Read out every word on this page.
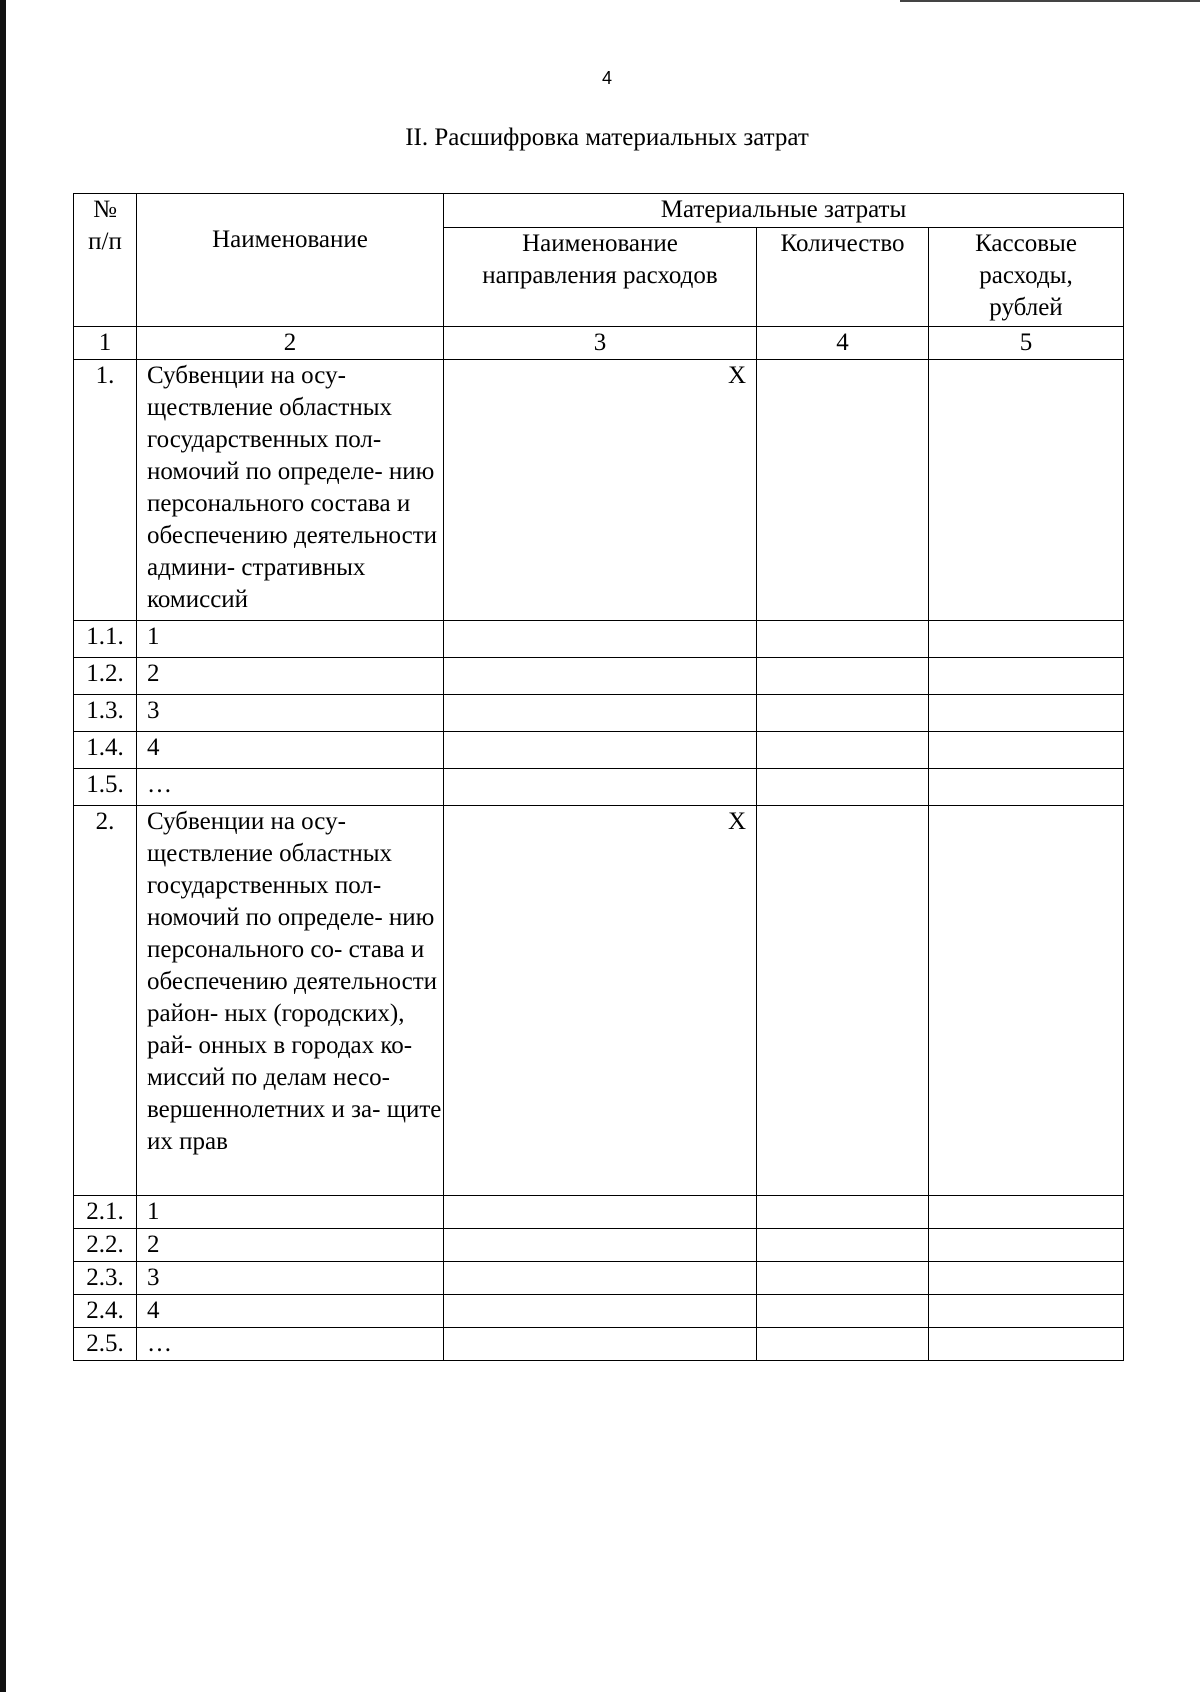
4
II. Расшифровка материальных затрат
№ п/п	Наименование	Материальные затраты		

		Наименование направления расходов	Количество	Кассовые расходы, рублей

1	2	3	4	5
1.	Субвенции на осу- ществление областных государственных пол- номочий по определе- нию персонального состава и обеспечению деятельности админи- стративных комиссий	X		
1.1.	1			
1.2.	2			
1.3.	3			
1.4.	4			
1.5.	…			
2.	Субвенции на осу- ществление областных государственных пол- номочий по определе- нию персонального со- става и обеспечению деятельности район- ных (городских), рай- онных в городах ко- миссий по делам несо- вершеннолетних и за- щите их прав	X		
2.1.	1			
2.2.	2			
2.3.	3			
2.4.	4			
2.5.	…			
